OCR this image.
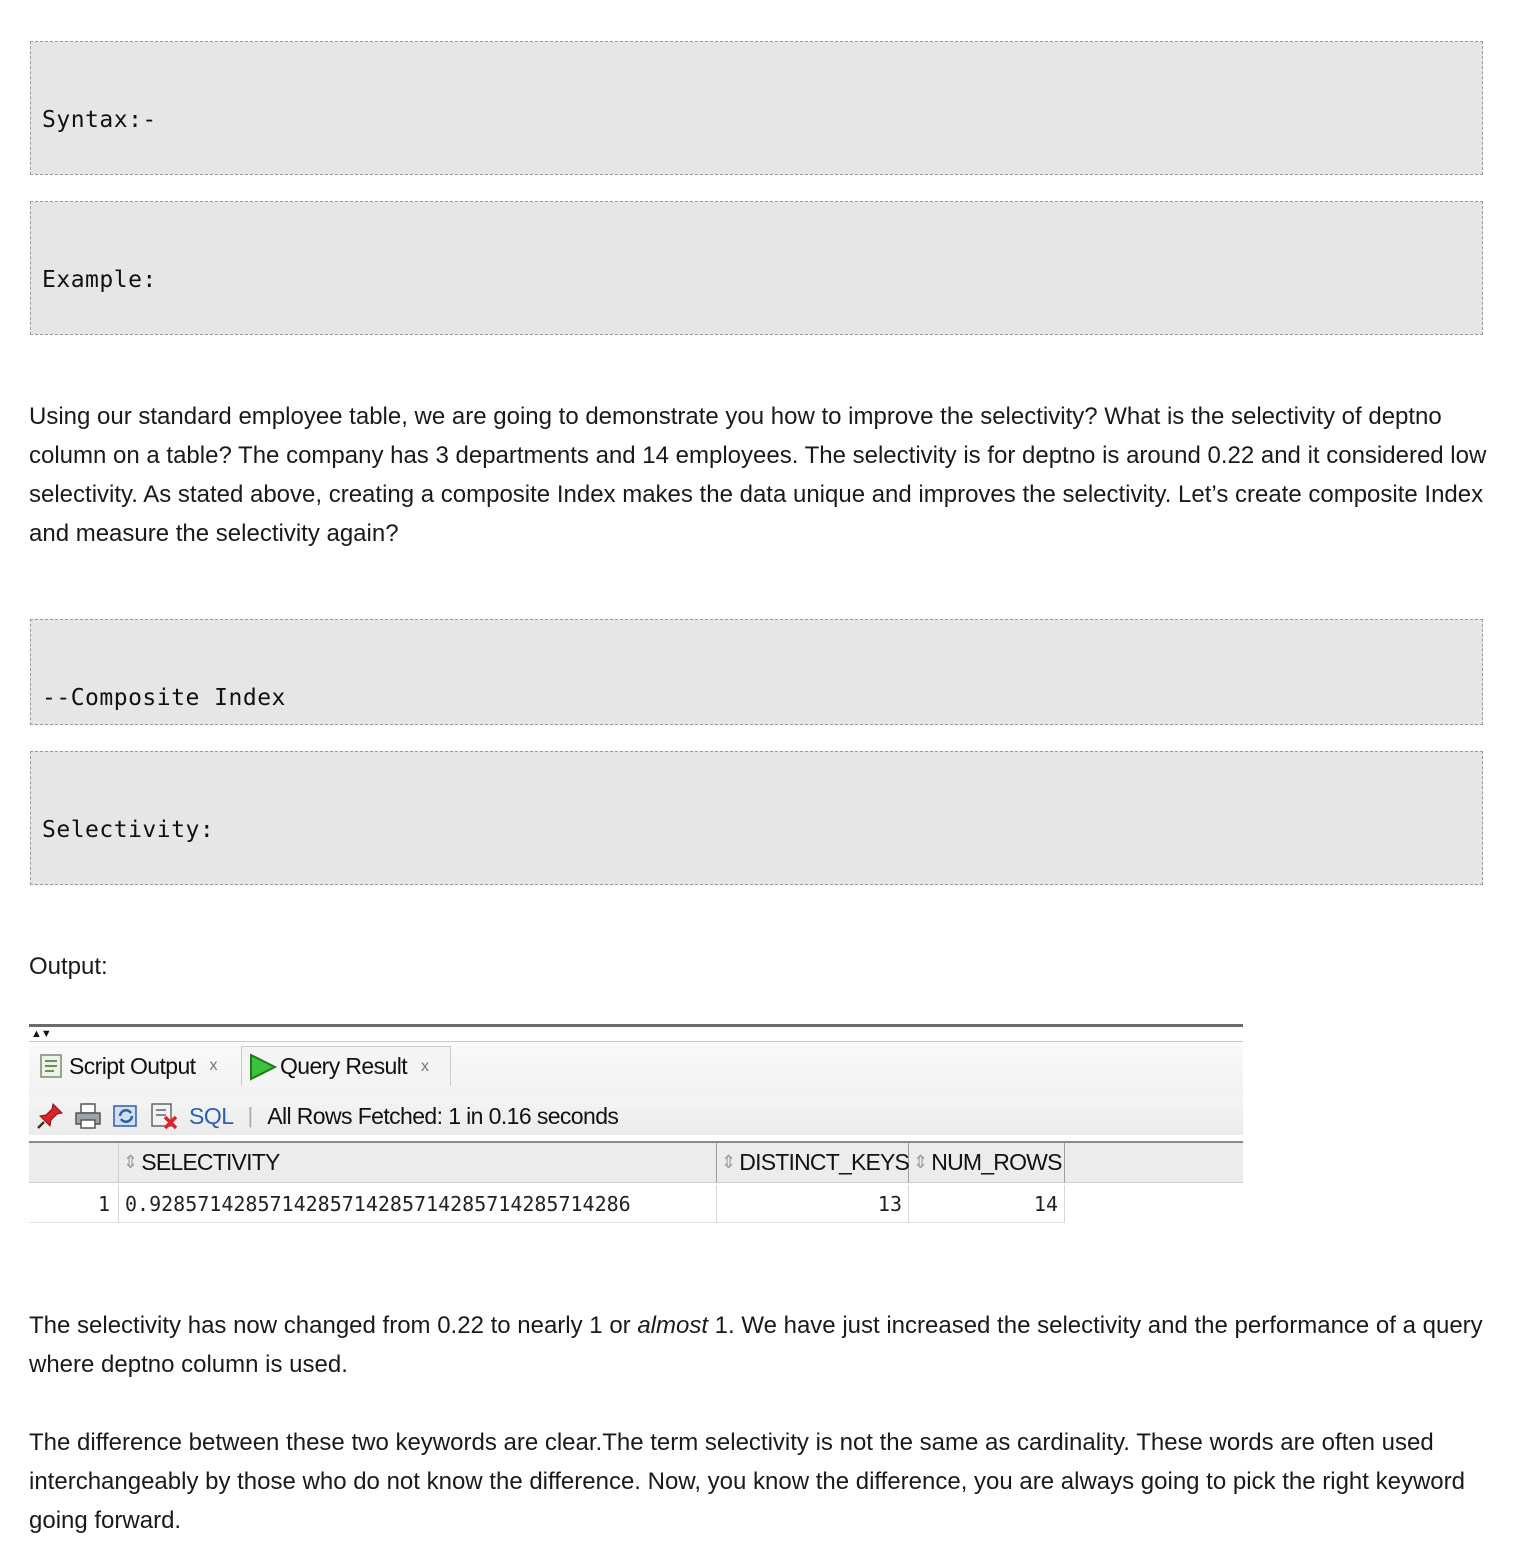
Syntax:-

Example:

Using our standard employee table, we are going to demonstrate you how to improve the selectivity? What is the selectivity of deptno column on a table? The company has 3 departments and 14 employees. The selectivity is for deptno is around 0.22 and it considered low selectivity. As stated above, creating a composite Index makes the data unique and improves the selectivity. Let’s create composite Index and measure the selectivity again?

--Composite Index

Selectivity:

Output:

▲▼
Script Output x	Query Result x
SQL | All Rows Fetched: 1 in 0.16 seconds
⇕ SELECTIVITY	⇕ DISTINCT_KEYS ⇕ NUM_ROWS
1 0.9285714285714285714285714285714285714286	13	14

The selectivity has now changed from 0.22 to nearly 1 or almost 1. We have just increased the selectivity and the performance of a query where deptno column is used.

The difference between these two keywords are clear.The term selectivity is not the same as cardinality. These words are often used interchangeably by those who do not know the difference. Now, you know the difference, you are always going to pick the right keyword going forward.
